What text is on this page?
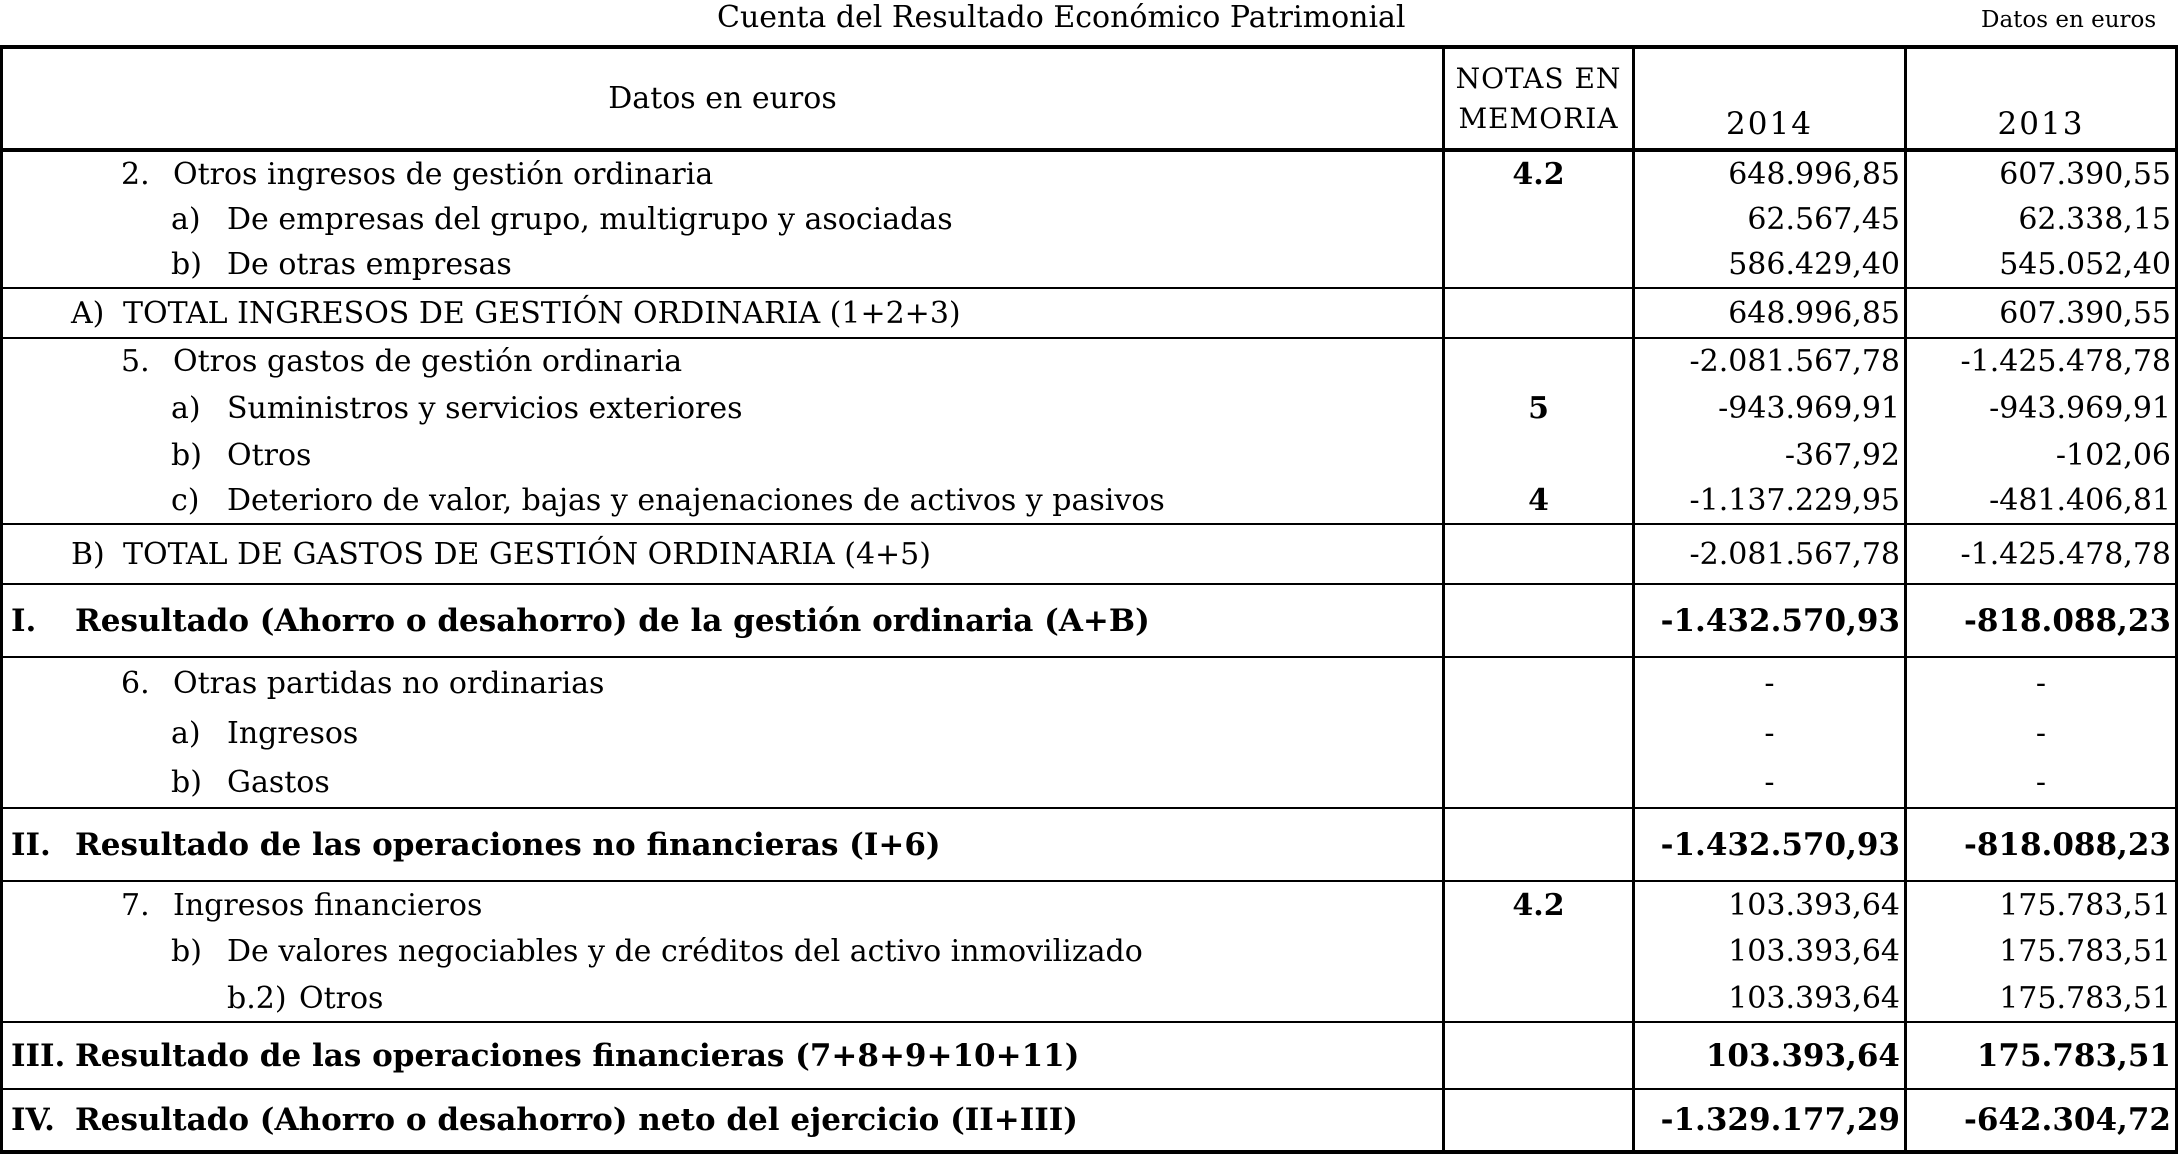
Cuenta del Resultado Económico Patrimonial	Datos en euros
Datos en euros	NOTAS EN
MEMORIA	2014	2013
2. Otros ingresos de gestión ordinaria	4.2	648.996,85	607.390,55
a) De empresas del grupo, multigrupo y asociadas		62.567,45	62.338,15
b) De otras empresas		586.429,40	545.052,40
A) TOTAL INGRESOS DE GESTIÓN ORDINARIA (1+2+3)		648.996,85	607.390,55
5. Otros gastos de gestión ordinaria		-2.081.567,78	-1.425.478,78
a) Suministros y servicios exteriores	5	-943.969,91	-943.969,91
b) Otros		-367,92	-102,06
c) Deterioro de valor, bajas y enajenaciones de activos y pasivos	4	-1.137.229,95	-481.406,81
B) TOTAL DE GASTOS DE GESTIÓN ORDINARIA (4+5)		-2.081.567,78	-1.425.478,78
I. Resultado (Ahorro o desahorro) de la gestión ordinaria (A+B)		-1.432.570,93	-818.088,23
6. Otras partidas no ordinarias		-	-
a) Ingresos		-	-
b) Gastos		-	-
II. Resultado de las operaciones no financieras (I+6)		-1.432.570,93	-818.088,23
7. Ingresos financieros	4.2	103.393,64	175.783,51
b) De valores negociables y de créditos del activo inmovilizado		103.393,64	175.783,51
b.2) Otros		103.393,64	175.783,51
III. Resultado de las operaciones financieras (7+8+9+10+11)		103.393,64	175.783,51
IV. Resultado (Ahorro o desahorro) neto del ejercicio (II+III)		-1.329.177,29	-642.304,72
